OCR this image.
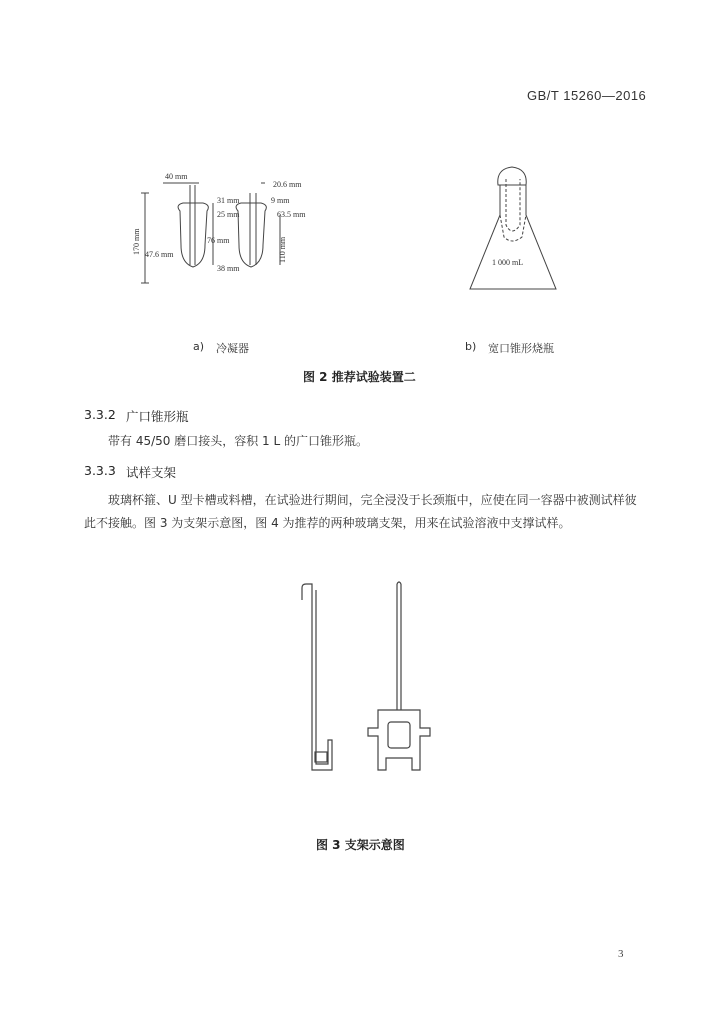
GB/T 15260—2016
40 mm
170 mm 47.6 mm
31 mm
25 mm
76 mm
38 mm
20.6 mm
9 mm
63.5 mm
110 mm	1 000 mL
a) 冷凝器	b) 宽口锥形烧瓶
图 2 推荐试验装置二
3.3.2 广口锥形瓶
带有 45/50 磨口接头，容积 1 L 的广口锥形瓶。
3.3.3 试样支架
玻璃杯箍、U 型卡槽或料槽，在试验进行期间，完全浸没于长颈瓶中，应使在同一容器中被测试样彼此不接触。图 3 为支架示意图，图 4 为推荐的两种玻璃支架，用来在试验溶液中支撑试样。
图 3 支架示意图
3
